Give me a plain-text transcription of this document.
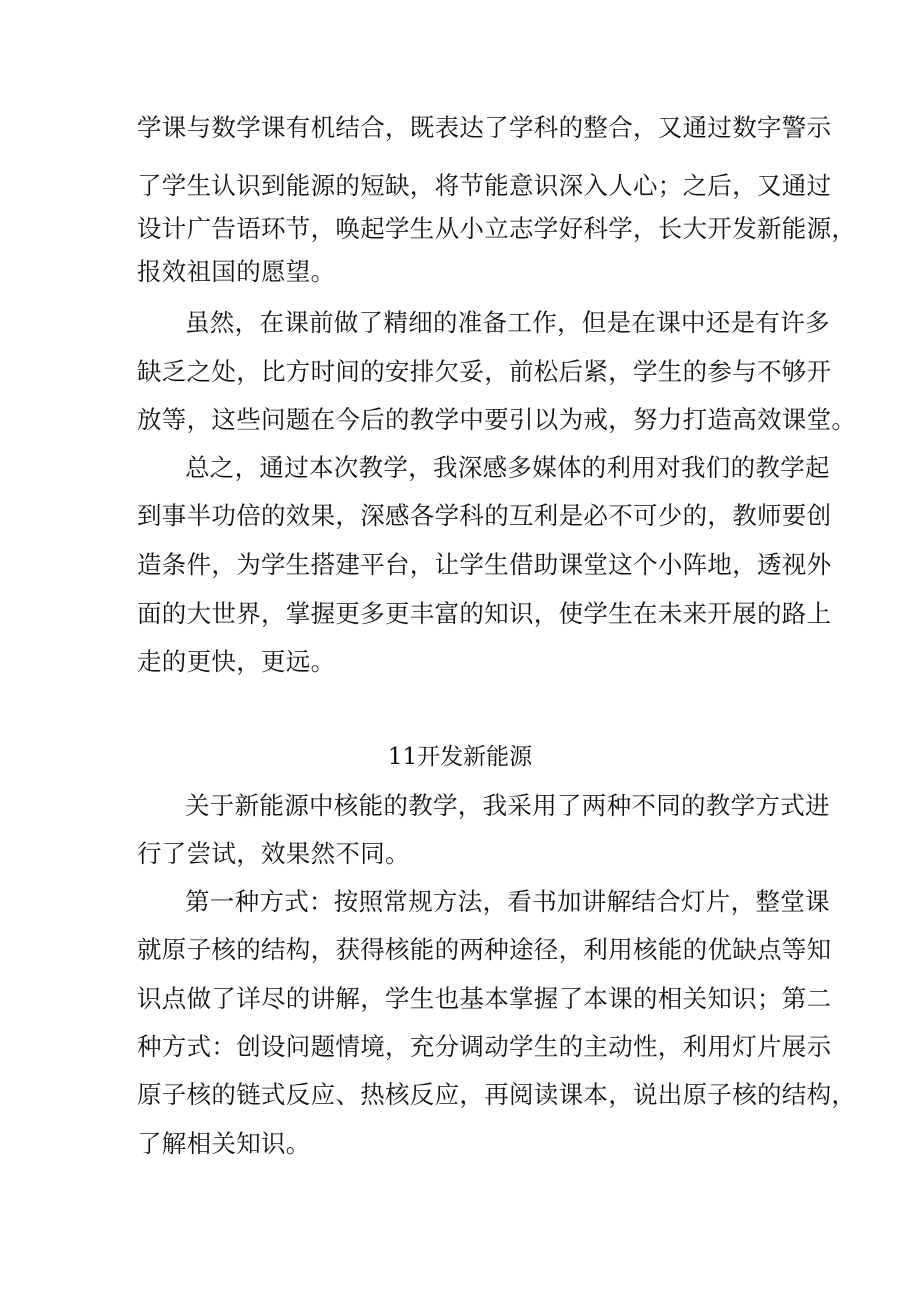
学课与数学课有机结合，既表达了学科的整合，又通过数字警示
了学生认识到能源的短缺，将节能意识深入人心；之后，又通过
设计广告语环节，唤起学生从小立志学好科学，长大开发新能源，
报效祖国的愿望。
虽然，在课前做了精细的准备工作，但是在课中还是有许多
缺乏之处，比方时间的安排欠妥，前松后紧，学生的参与不够开
放等，这些问题在今后的教学中要引以为戒，努力打造高效课堂。
总之，通过本次教学，我深感多媒体的利用对我们的教学起
到事半功倍的效果，深感各学科的互利是必不可少的，教师要创
造条件，为学生搭建平台，让学生借助课堂这个小阵地，透视外
面的大世界，掌握更多更丰富的知识，使学生在未来开展的路上
走的更快，更远。
11开发新能源
关于新能源中核能的教学，我采用了两种不同的教学方式进
行了尝试，效果然不同。
第一种方式：按照常规方法，看书加讲解结合灯片，整堂课
就原子核的结构，获得核能的两种途径，利用核能的优缺点等知
识点做了详尽的讲解，学生也基本掌握了本课的相关知识；第二
种方式：创设问题情境，充分调动学生的主动性，利用灯片展示
原子核的链式反应、热核反应，再阅读课本，说出原子核的结构，
了解相关知识。
